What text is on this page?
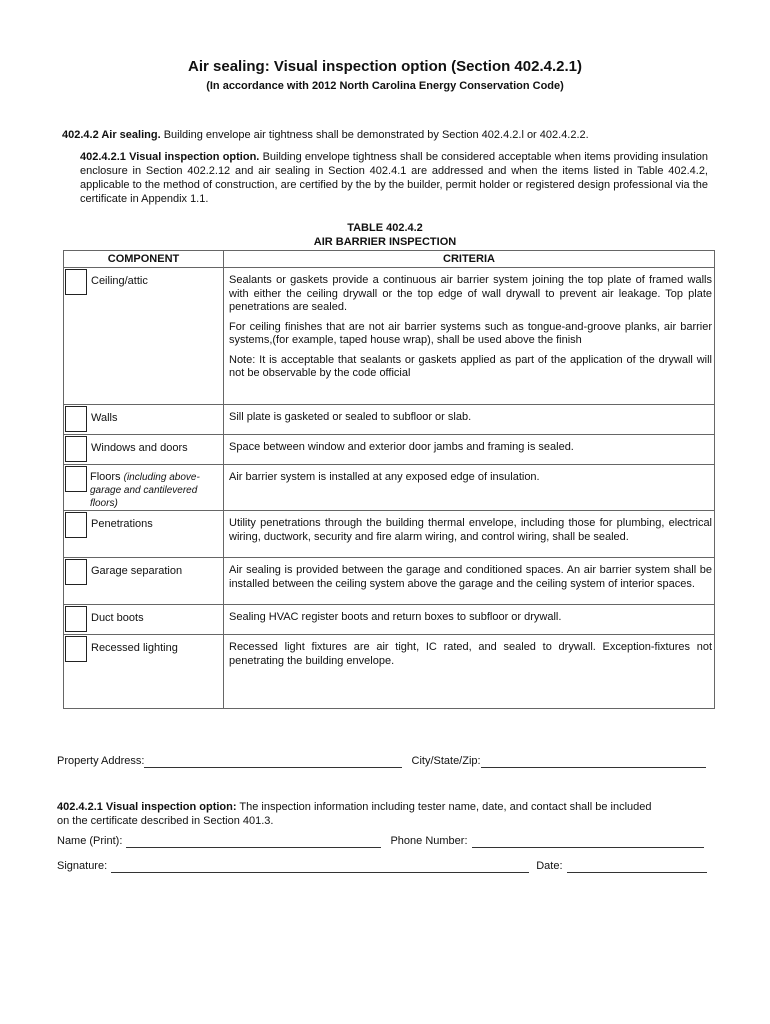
Air sealing: Visual inspection option (Section 402.4.2.1)
(In accordance with 2012 North Carolina Energy Conservation Code)
402.4.2 Air sealing. Building envelope air tightness shall be demonstrated by Section 402.4.2.l or 402.4.2.2.
402.4.2.1 Visual inspection option. Building envelope tightness shall be considered acceptable when items providing insulation enclosure in Section 402.2.12 and air sealing in Section 402.4.1 are addressed and when the items listed in Table 402.4.2, applicable to the method of construction, are certified by the by the builder, permit holder or registered design professional via the certificate in Appendix 1.1.
TABLE 402.4.2
AIR BARRIER INSPECTION
COMPONENT	CRITERIA

Ceiling/attic	Sealants or gaskets provide a continuous air barrier system joining the top plate of framed walls with either the ceiling drywall or the top edge of wall drywall to prevent air leakage. Top plate penetrations are sealed.

For ceiling finishes that are not air barrier systems such as tongue-and-groove planks, air barrier systems,(for example, taped house wrap), shall be used above the finish

Note: It is acceptable that sealants or gaskets applied as part of the application of the drywall will not be observable by the code official

Walls	Sill plate is gasketed or sealed to subfloor or slab.

Windows and doors	Space between window and exterior door jambs and framing is sealed.

Floors (including above-garage and cantilevered floors)	Air barrier system is installed at any exposed edge of insulation.

Penetrations	Utility penetrations through the building thermal envelope, including those for plumbing, electrical wiring, ductwork, security and fire alarm wiring, and control wiring, shall be sealed.

Garage separation	Air sealing is provided between the garage and conditioned spaces. An air barrier system shall be installed between the ceiling system above the garage and the ceiling system of interior spaces.

Duct boots	Sealing HVAC register boots and return boxes to subfloor or drywall.

Recessed lighting	Recessed light fixtures are air tight, IC rated, and sealed to drywall. Exception-fixtures not penetrating the building envelope.

Property Address:	City/State/Zip:
402.4.2.1 Visual inspection option: The inspection information including tester name, date, and contact shall be included on the certificate described in Section 401.3.
Name (Print):	Phone Number:
Signature:	Date:
